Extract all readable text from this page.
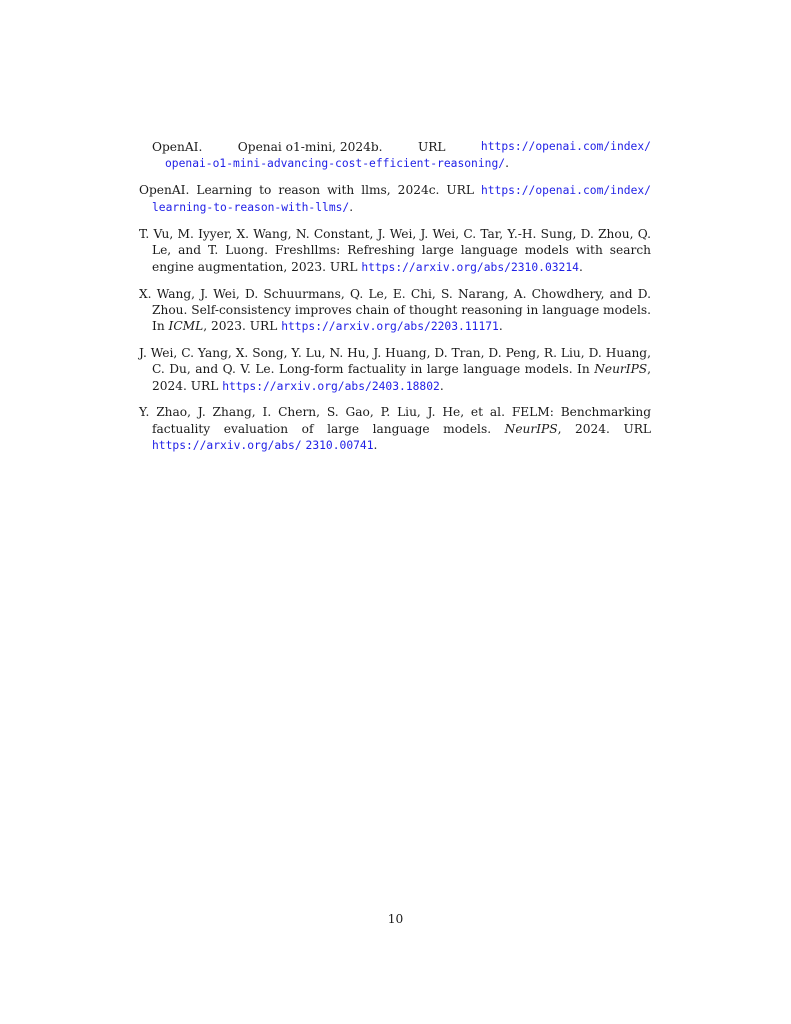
OpenAI.	Openai o1-mini, 2024b.	URL	https://openai.com/index/
openai-o1-mini-advancing-cost-efficient-reasoning/.
OpenAI. Learning to reason with llms, 2024c. URL https://openai.com/index/ learning-to-reason-with-llms/.
T. Vu, M. Iyyer, X. Wang, N. Constant, J. Wei, J. Wei, C. Tar, Y.-H. Sung, D. Zhou, Q. Le, and T. Luong. Freshllms: Refreshing large language models with search engine augmentation, 2023. URL https://arxiv.org/abs/2310.03214.
X. Wang, J. Wei, D. Schuurmans, Q. Le, E. Chi, S. Narang, A. Chowdhery, and D. Zhou. Self-consistency improves chain of thought reasoning in language models. In ICML, 2023. URL https://arxiv.org/abs/2203.11171.
J. Wei, C. Yang, X. Song, Y. Lu, N. Hu, J. Huang, D. Tran, D. Peng, R. Liu, D. Huang, C. Du, and Q. V. Le. Long-form factuality in large language models. In NeurIPS, 2024. URL https://arxiv.org/abs/2403.18802.
Y. Zhao, J. Zhang, I. Chern, S. Gao, P. Liu, J. He, et al. FELM: Benchmarking factuality evaluation of large language models. NeurIPS, 2024. URL https://arxiv.org/abs/ 2310.00741.
10
